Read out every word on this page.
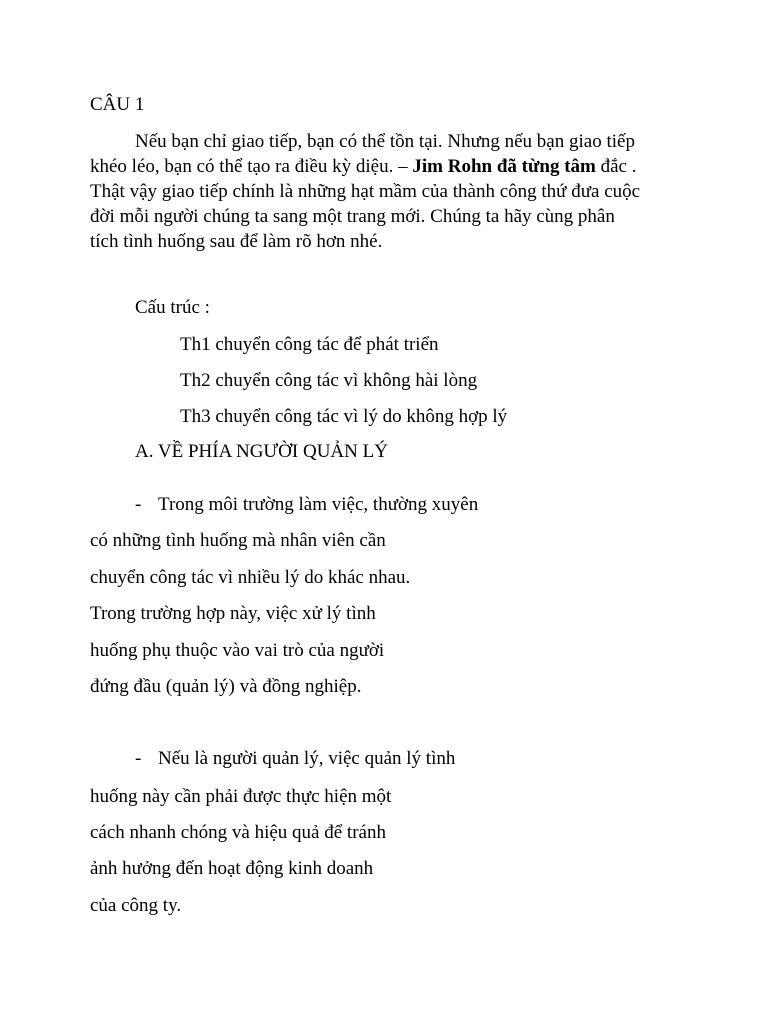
CÂU 1
Nếu bạn chỉ giao tiếp, bạn có thể tồn tại. Nhưng nếu bạn giao tiếp
khéo léo, bạn có thể tạo ra điều kỳ diệu. – Jim Rohn đã từng tâm đắc .
Thật vậy giao tiếp chính là những hạt mầm của thành công thứ đưa cuộc
đời mỗi người chúng ta sang một trang mới. Chúng ta hãy cùng phân
tích tình huống sau để làm rõ hơn nhé.
Cấu trúc :
Th1 chuyển công tác để phát triển
Th2 chuyển công tác vì không hài lòng
Th3 chuyển công tác vì lý do không hợp lý
A. VỀ PHÍA NGƯỜI QUẢN LÝ
- Trong môi trường làm việc, thường xuyên
có những tình huống mà nhân viên cần
chuyển công tác vì nhiều lý do khác nhau.
Trong trường hợp này, việc xử lý tình
huống phụ thuộc vào vai trò của người
đứng đầu (quản lý) và đồng nghiệp.
- Nếu là người quản lý, việc quản lý tình
huống này cần phải được thực hiện một
cách nhanh chóng và hiệu quả để tránh
ảnh hưởng đến hoạt động kinh doanh
của công ty.
